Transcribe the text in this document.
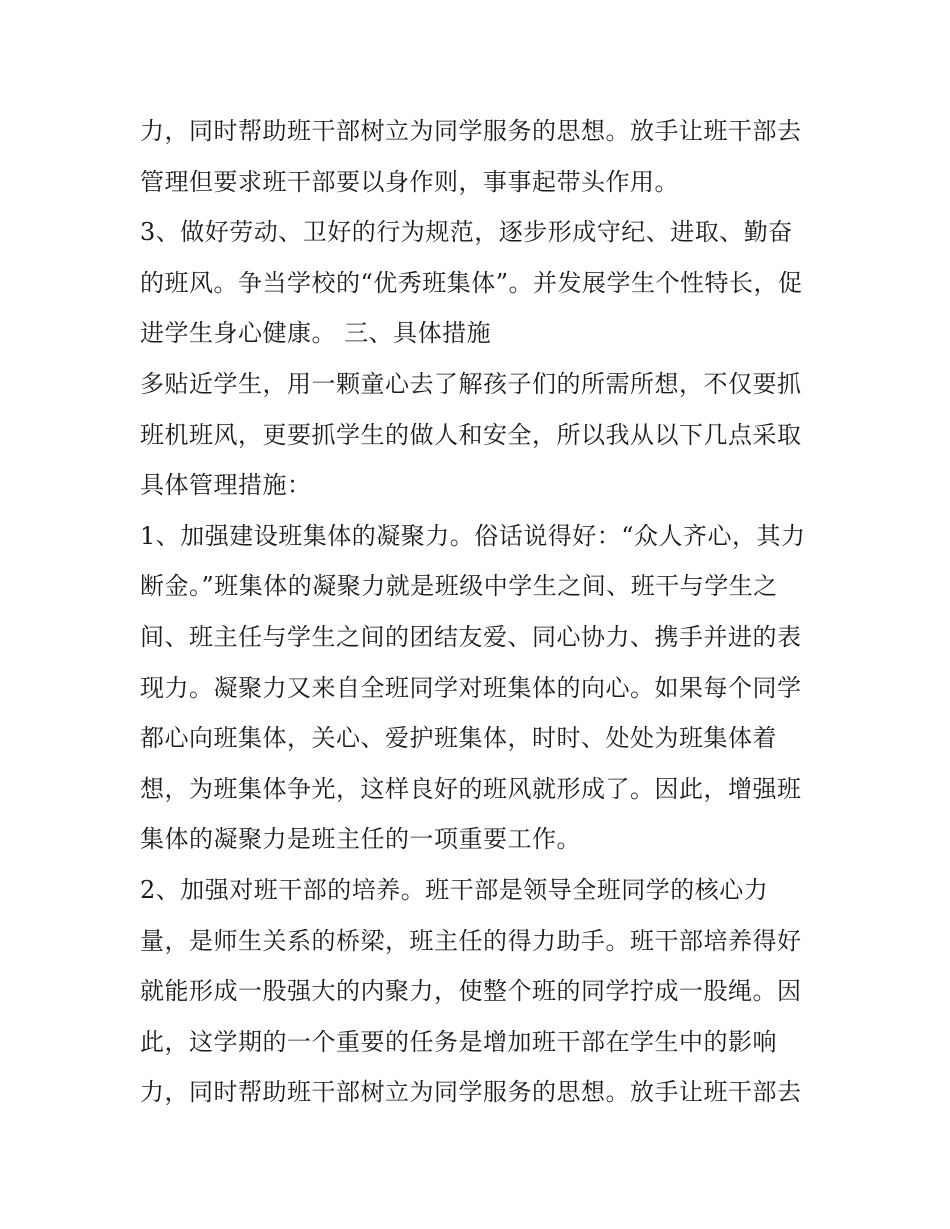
力，同时帮助班干部树立为同学服务的思想。放手让班干部去
管理但要求班干部要以身作则，事事起带头作用。
3、做好劳动、卫好的行为规范，逐步形成守纪、进取、勤奋
的班风。争当学校的“优秀班集体”。并发展学生个性特长，促
进学生身心健康。 三、具体措施
多贴近学生，用一颗童心去了解孩子们的所需所想，不仅要抓
班机班风，更要抓学生的做人和安全，所以我从以下几点采取
具体管理措施：
1、加强建设班集体的凝聚力。俗话说得好：“众人齐心，其力
断金。”班集体的凝聚力就是班级中学生之间、班干与学生之
间、班主任与学生之间的团结友爱、同心协力、携手并进的表
现力。凝聚力又来自全班同学对班集体的向心。如果每个同学
都心向班集体，关心、爱护班集体，时时、处处为班集体着
想，为班集体争光，这样良好的班风就形成了。因此，增强班
集体的凝聚力是班主任的一项重要工作。
2、加强对班干部的培养。班干部是领导全班同学的核心力
量，是师生关系的桥梁，班主任的得力助手。班干部培养得好
就能形成一股强大的内聚力，使整个班的同学拧成一股绳。因
此，这学期的一个重要的任务是增加班干部在学生中的影响
力，同时帮助班干部树立为同学服务的思想。放手让班干部去
